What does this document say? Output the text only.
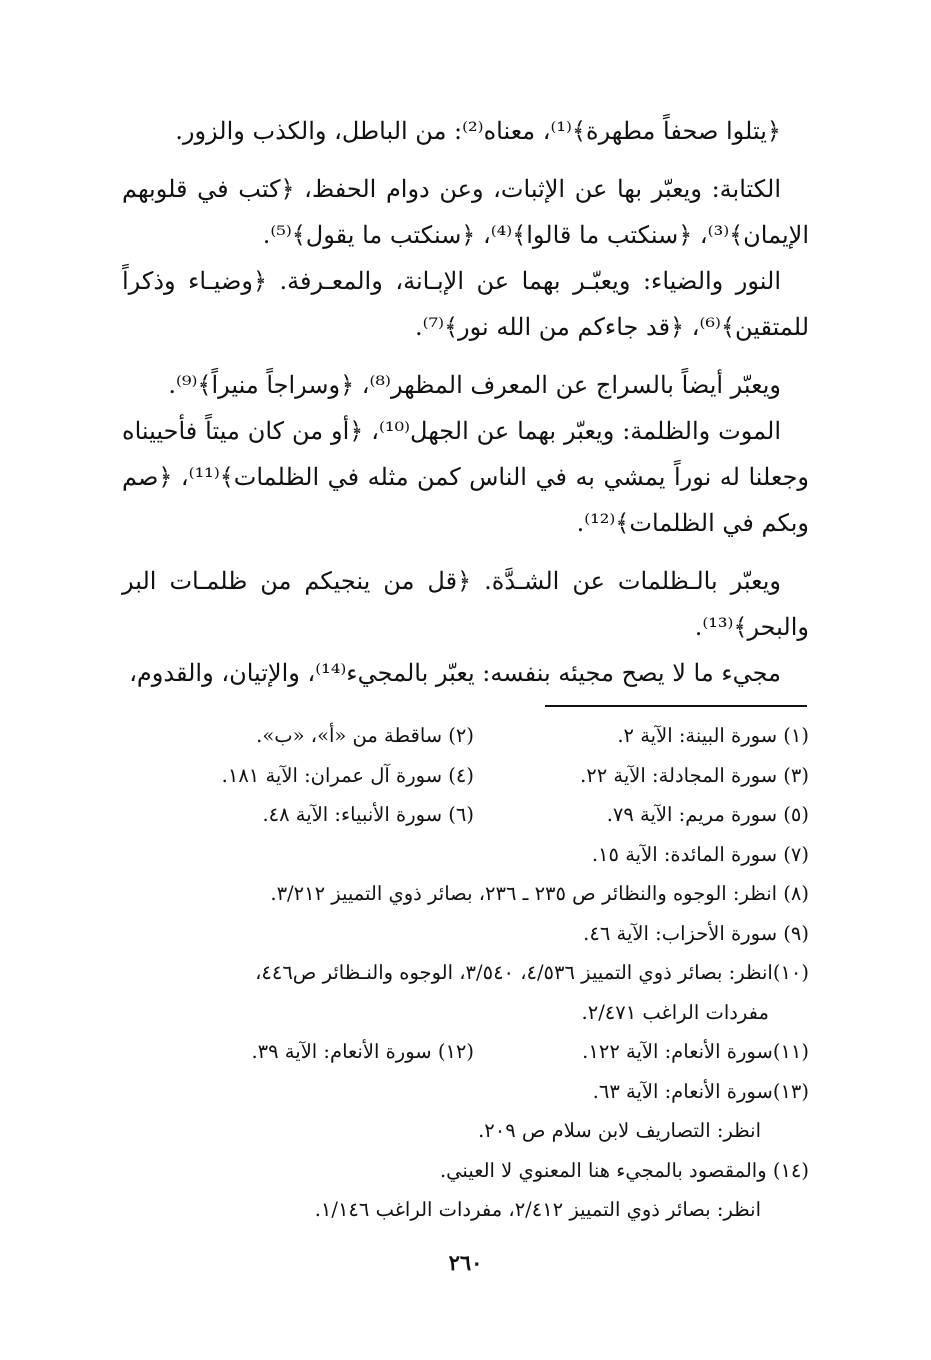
﴿يتلوا صحفاً مطهرة﴾⁽¹⁾، معناه⁽²⁾: من الباطل، والكذب والزور.

الكتابة: ويعبّر بها عن الإثبات، وعن دوام الحفظ، ﴿كتب في قلوبهم الإيمان﴾⁽³⁾، ﴿سنكتب ما قالوا﴾⁽⁴⁾، ﴿سنكتب ما يقول﴾⁽⁵⁾.

النور والضياء: ويعبّـر بهما عن الإبـانة، والمعـرفة. ﴿وضيـاء وذكراً للمتقين﴾⁽⁶⁾، ﴿قد جاءكم من الله نور﴾⁽⁷⁾.

ويعبّر أيضاً بالسراج عن المعرف المظهر⁽⁸⁾، ﴿وسراجاً منيراً﴾⁽⁹⁾.

الموت والظلمة: ويعبّر بهما عن الجهل⁽¹⁰⁾، ﴿أو من كان ميتاً فأحييناه وجعلنا له نوراً يمشي به في الناس كمن مثله في الظلمات﴾⁽¹¹⁾، ﴿صم وبكم في الظلمات﴾⁽¹²⁾.

ويعبّر بالـظلمات عن الشـدَّة. ﴿قل من ينجيكم من ظلمـات البر والبحر﴾⁽¹³⁾.

مجيء ما لا يصح مجيئه بنفسه: يعبّر بالمجيء⁽¹⁴⁾، والإتيان، والقدوم،

(١) سورة البينة: الآية ٢.
(٢) ساقطة من «أ»، «ب».
(٣) سورة المجادلة: الآية ٢٢.
(٤) سورة آل عمران: الآية ١٨١.
(٥) سورة مريم: الآية ٧٩.
(٦) سورة الأنبياء: الآية ٤٨.
(٧) سورة المائدة: الآية ١٥.
(٨) انظر: الوجوه والنظائر ص ٢٣٥ ـ ٢٣٦، بصائر ذوي التمييز ٣/٢١٢.
(٩) سورة الأحزاب: الآية ٤٦.
(١٠)انظر: بصائر ذوي التمييز ٤/٥٣٦، ٣/٥٤٠، الوجوه والنـظائر ص٤٤٦،
مفردات الراغب ٢/٤٧١.
(١١)سورة الأنعام: الآية ١٢٢.
(١٢) سورة الأنعام: الآية ٣٩.
(١٣)سورة الأنعام: الآية ٦٣.
انظر: التصاريف لابن سلام ص ٢٠٩.
(١٤) والمقصود بالمجيء هنا المعنوي لا العيني.
انظر: بصائر ذوي التمييز ٢/٤١٢، مفردات الراغب ١/١٤٦.
٢٦٠
